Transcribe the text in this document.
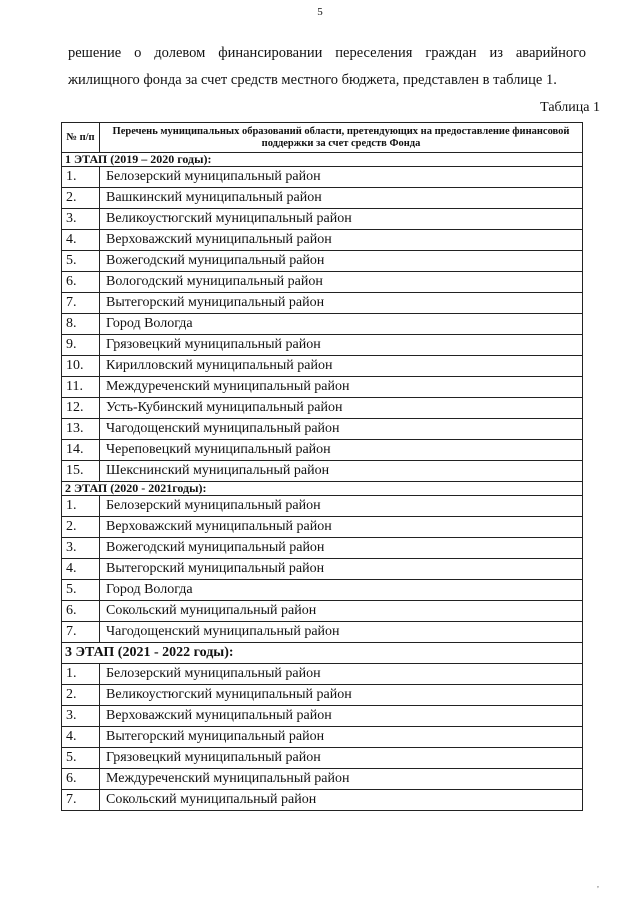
5
решение о долевом финансировании переселения граждан из аварийного
жилищного фонда за счет средств местного бюджета, представлен в таблице 1.
Таблица 1
№ п/п	Перечень муниципальных образований области, претендующих на предоставление финансовой поддержки за счет средств Фонда
1 ЭТАП (2019 – 2020 годы):	
1.	Белозерский муниципальный район
2.	Вашкинский муниципальный район
3.	Великоустюгский муниципальный район
4.	Верховажский муниципальный район
5.	Вожегодский муниципальный район
6.	Вологодский муниципальный район
7.	Вытегорский муниципальный район
8.	Город Вологда
9.	Грязовецкий муниципальный район
10.	Кирилловский муниципальный район
11.	Междуреченский муниципальный район
12.	Усть-Кубинский муниципальный район
13.	Чагодощенский муниципальный район
14.	Череповецкий муниципальный район
15.	Шекснинский муниципальный район
2 ЭТАП (2020 - 2021годы):	
1.	Белозерский муниципальный район
2.	Верховажский муниципальный район
3.	Вожегодский муниципальный район
4.	Вытегорский муниципальный район
5.	Город Вологда
6.	Сокольский муниципальный район
7.	Чагодощенский муниципальный район
3 ЭТАП (2021 - 2022 годы):	
1.	Белозерский муниципальный район
2.	Великоустюгский муниципальный район
3.	Верховажский муниципальный район
4.	Вытегорский муниципальный район
5.	Грязовецкий муниципальный район
6.	Междуреченский муниципальный район
7.	Сокольский муниципальный район
,
